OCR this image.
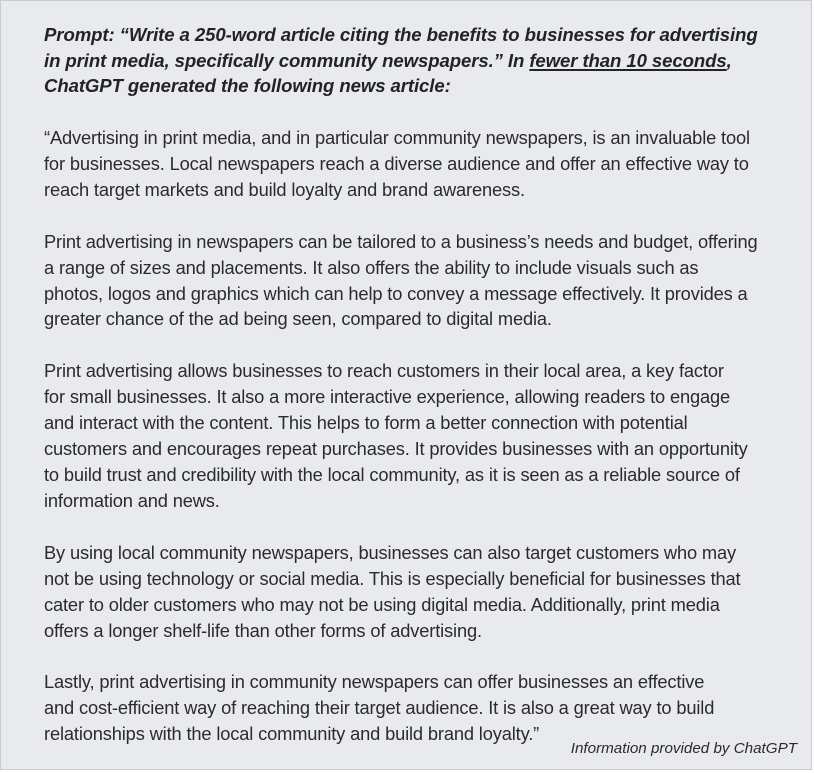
Prompt: “Write a 250-word article citing the benefits to businesses for advertising
in print media, specifically community newspapers.” In fewer than 10 seconds,
ChatGPT generated the following news article:

“Advertising in print media, and in particular community newspapers, is an invaluable tool
for businesses. Local newspapers reach a diverse audience and offer an effective way to
reach target markets and build loyalty and brand awareness.

Print advertising in newspapers can be tailored to a business’s needs and budget, offering
a range of sizes and placements. It also offers the ability to include visuals such as
photos, logos and graphics which can help to convey a message effectively. It provides a
greater chance of the ad being seen, compared to digital media.

Print advertising allows businesses to reach customers in their local area, a key factor
for small businesses. It also a more interactive experience, allowing readers to engage
and interact with the content. This helps to form a better connection with potential
customers and encourages repeat purchases. It provides businesses with an opportunity
to build trust and credibility with the local community, as it is seen as a reliable source of
information and news.

By using local community newspapers, businesses can also target customers who may
not be using technology or social media. This is especially beneficial for businesses that
cater to older customers who may not be using digital media. Additionally, print media
offers a longer shelf-life than other forms of advertising.

Lastly, print advertising in community newspapers can offer businesses an effective
and cost-efficient way of reaching their target audience. It is also a great way to build
relationships with the local community and build brand loyalty.”

Information provided by ChatGPT
